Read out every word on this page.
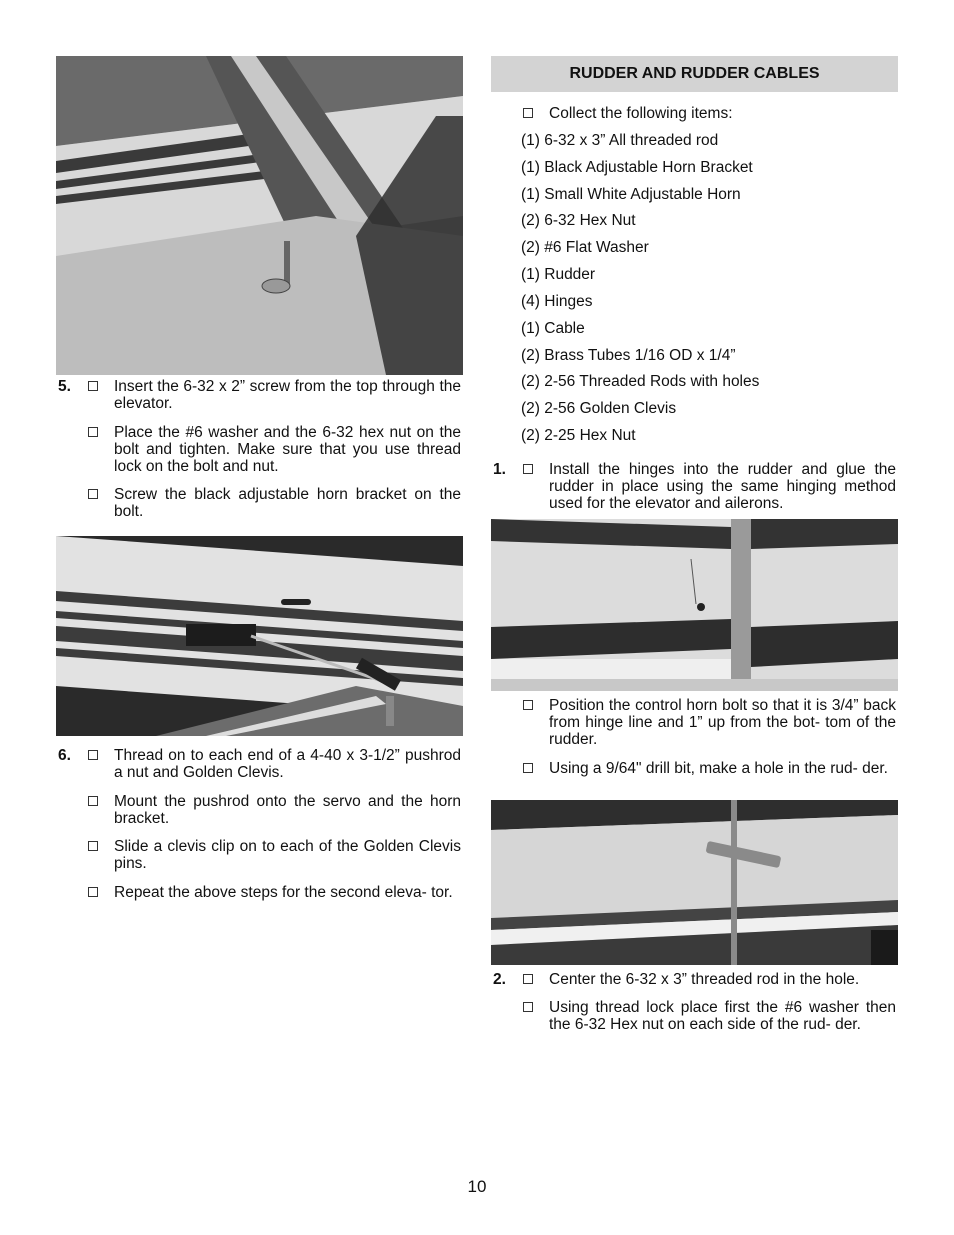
5.	Insert the 6-32 x 2” screw from the top through the elevator.
Place the #6 washer and the 6-32 hex nut on the bolt and tighten. Make sure that you use thread lock on the bolt and nut.
Screw the black adjustable horn bracket on the bolt.
6.	Thread on to each end of a 4-40 x 3-1/2” pushrod a nut and Golden Clevis.
Mount the pushrod onto the servo and the horn bracket.
Slide a clevis clip on to each of the Golden Clevis pins.
Repeat the above steps for the second eleva- tor.
RUDDER AND RUDDER CABLES
Collect the following items:
(1) 6-32 x 3” All threaded rod
(1) Black Adjustable Horn Bracket
(1) Small White Adjustable Horn
(2) 6-32 Hex Nut
(2) #6 Flat Washer
(1) Rudder
(4) Hinges
(1) Cable
(2) Brass Tubes 1/16 OD x 1/4”
(2) 2-56 Threaded Rods with holes
(2) 2-56 Golden Clevis
(2) 2-25 Hex Nut
1.	Install the hinges into the rudder and glue the rudder in place using the same hinging method used for the elevator and ailerons.
Position the control horn bolt so that it is 3/4” back from hinge line and 1” up from the bot- tom of the rudder.
Using a 9/64" drill bit, make a hole in the rud- der.
2.	Center the 6-32 x 3” threaded rod in the hole.
Using thread lock place first the #6 washer then the 6-32 Hex nut on each side of the rud- der.
10
